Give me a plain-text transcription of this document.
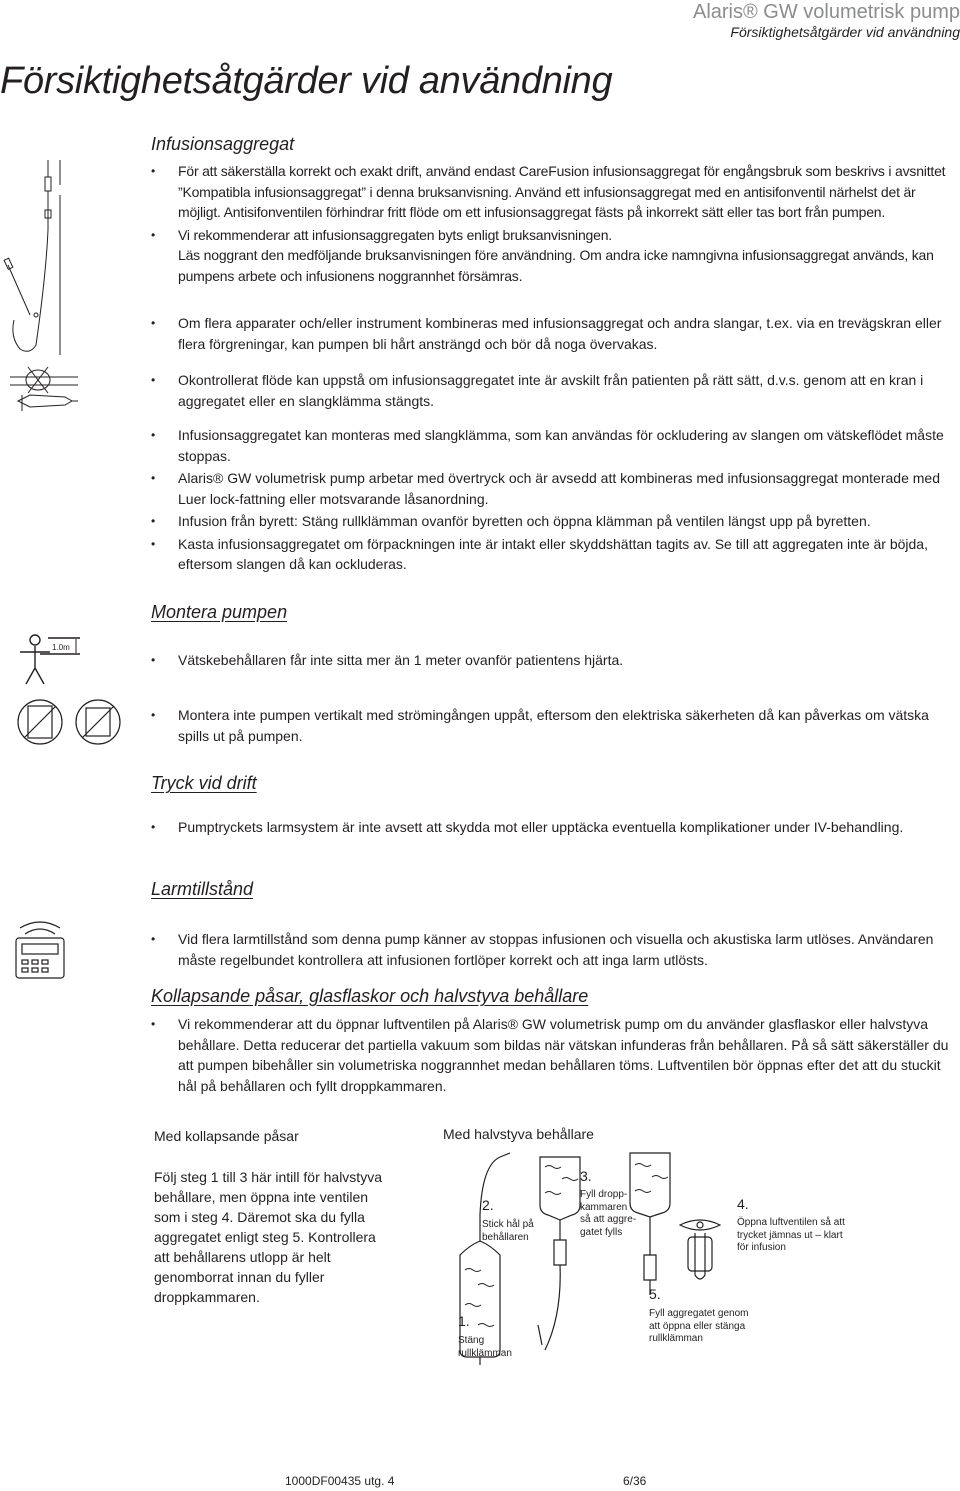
Alaris® GW volumetrisk pump
Försiktighetsåtgärder vid användning
Försiktighetsåtgärder vid användning
Infusionsaggregat
• För att säkerställa korrekt och exakt drift, använd endast CareFusion infusionsaggregat för engångsbruk som beskrivs i avsnittet ”Kompatibla infusionsaggregat” i denna bruksanvisning. Använd ett infusionsaggregat med en antisifonventil närhelst det är möjligt. Antisifonventilen förhindrar fritt flöde om ett infusionsaggregat fästs på inkorrekt sätt eller tas bort från pumpen.
• Vi rekommenderar att infusionsaggregaten byts enligt bruksanvisningen.
Läs noggrant den medföljande bruksanvisningen före användning. Om andra icke namngivna infusionsaggregat används, kan pumpens arbete och infusionens noggrannhet försämras.
• Om flera apparater och/eller instrument kombineras med infusionsaggregat och andra slangar, t.ex. via en trevägskran eller flera förgreningar, kan pumpen bli hårt ansträngd och bör då noga övervakas.
• Okontrollerat flöde kan uppstå om infusionsaggregatet inte är avskilt från patienten på rätt sätt, d.v.s. genom att en kran i aggregatet eller en slangklämma stängts.
• Infusionsaggregatet kan monteras med slangklämma, som kan användas för ockludering av slangen om vätskeflödet måste stoppas.
• Alaris® GW volumetrisk pump arbetar med övertryck och är avsedd att kombineras med infusionsaggregat monterade med Luer lock-fattning eller motsvarande låsanordning.
• Infusion från byrett: Stäng rullklämman ovanför byretten och öppna klämman på ventilen längst upp på byretten.
• Kasta infusionsaggregatet om förpackningen inte är intakt eller skyddshättan tagits av. Se till att aggregaten inte är böjda, eftersom slangen då kan ockluderas.
Montera pumpen
• Vätskebehållaren får inte sitta mer än 1 meter ovanför patientens hjärta.
• Montera inte pumpen vertikalt med strömingången uppåt, eftersom den elektriska säkerheten då kan påverkas om vätska spills ut på pumpen.
1.0m
Tryck vid drift
• Pumptryckets larmsystem är inte avsett att skydda mot eller upptäcka eventuella komplikationer under IV-behandling.
Larmtillstånd
• Vid flera larmtillstånd som denna pump känner av stoppas infusionen och visuella och akustiska larm utlöses. Användaren måste regelbundet kontrollera att infusionen fortlöper korrekt och att inga larm utlösts.
Kollapsande påsar, glasflaskor och halvstyva behållare
• Vi rekommenderar att du öppnar luftventilen på Alaris® GW volumetrisk pump om du använder glasflaskor eller halvstyva behållare. Detta reducerar det partiella vakuum som bildas när vätskan infunderas från behållaren. På så sätt säkerställer du att pumpen bibehåller sin volumetriska noggrannhet medan behållaren töms. Luftventilen bör öppnas efter det att du stuckit hål på behållaren och fyllt droppkammaren.
Med kollapsande påsar
Följ steg 1 till 3 här intill för halvstyva behållare, men öppna inte ventilen som i steg 4. Däremot ska du fylla aggregatet enligt steg 5. Kontrollera att behållarens utlopp är helt genomborrat innan du fyller droppkammaren.
Med halvstyva behållare
1.
Stäng rullklämman
2.
Stick hål på behållaren
3.
Fyll dropp-kammaren så att aggre-gatet fylls
4.
Öppna luftventilen så att trycket jämnas ut – klart för infusion
5.
Fyll aggregatet genom att öppna eller stänga rullklämman
1000DF00435 utg. 4	6/36
